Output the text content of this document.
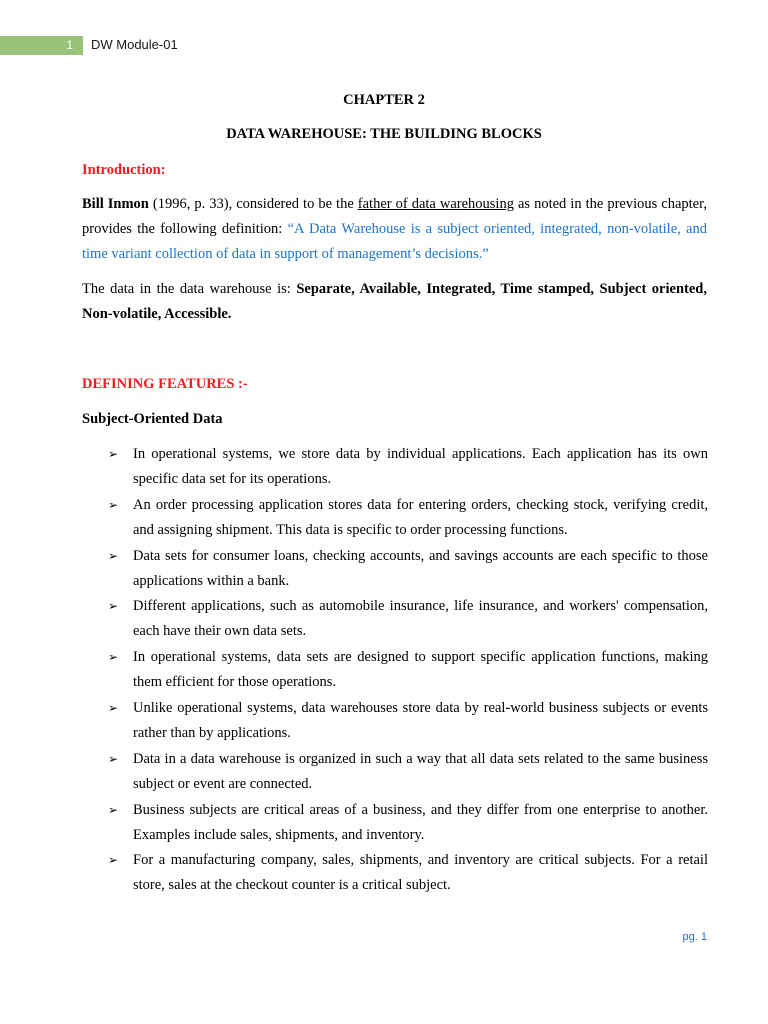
1 DW Module-01
CHAPTER 2
DATA WAREHOUSE: THE BUILDING BLOCKS
Introduction:
Bill Inmon (1996, p. 33), considered to be the father of data warehousing as noted in the previous chapter, provides the following definition: “A Data Warehouse is a subject oriented, integrated, non-volatile, and time variant collection of data in support of management’s decisions.”
The data in the data warehouse is: Separate, Available, Integrated, Time stamped, Subject oriented, Non-volatile, Accessible.
DEFINING FEATURES :-
Subject-Oriented Data
➢ In operational systems, we store data by individual applications. Each application has its own specific data set for its operations.
➢ An order processing application stores data for entering orders, checking stock, verifying credit, and assigning shipment. This data is specific to order processing functions.
➢ Data sets for consumer loans, checking accounts, and savings accounts are each specific to those applications within a bank.
➢ Different applications, such as automobile insurance, life insurance, and workers' compensation, each have their own data sets.
➢ In operational systems, data sets are designed to support specific application functions, making them efficient for those operations.
➢ Unlike operational systems, data warehouses store data by real-world business subjects or events rather than by applications.
➢ Data in a data warehouse is organized in such a way that all data sets related to the same business subject or event are connected.
➢ Business subjects are critical areas of a business, and they differ from one enterprise to another. Examples include sales, shipments, and inventory.
➢ For a manufacturing company, sales, shipments, and inventory are critical subjects. For a retail store, sales at the checkout counter is a critical subject.
pg. 1
